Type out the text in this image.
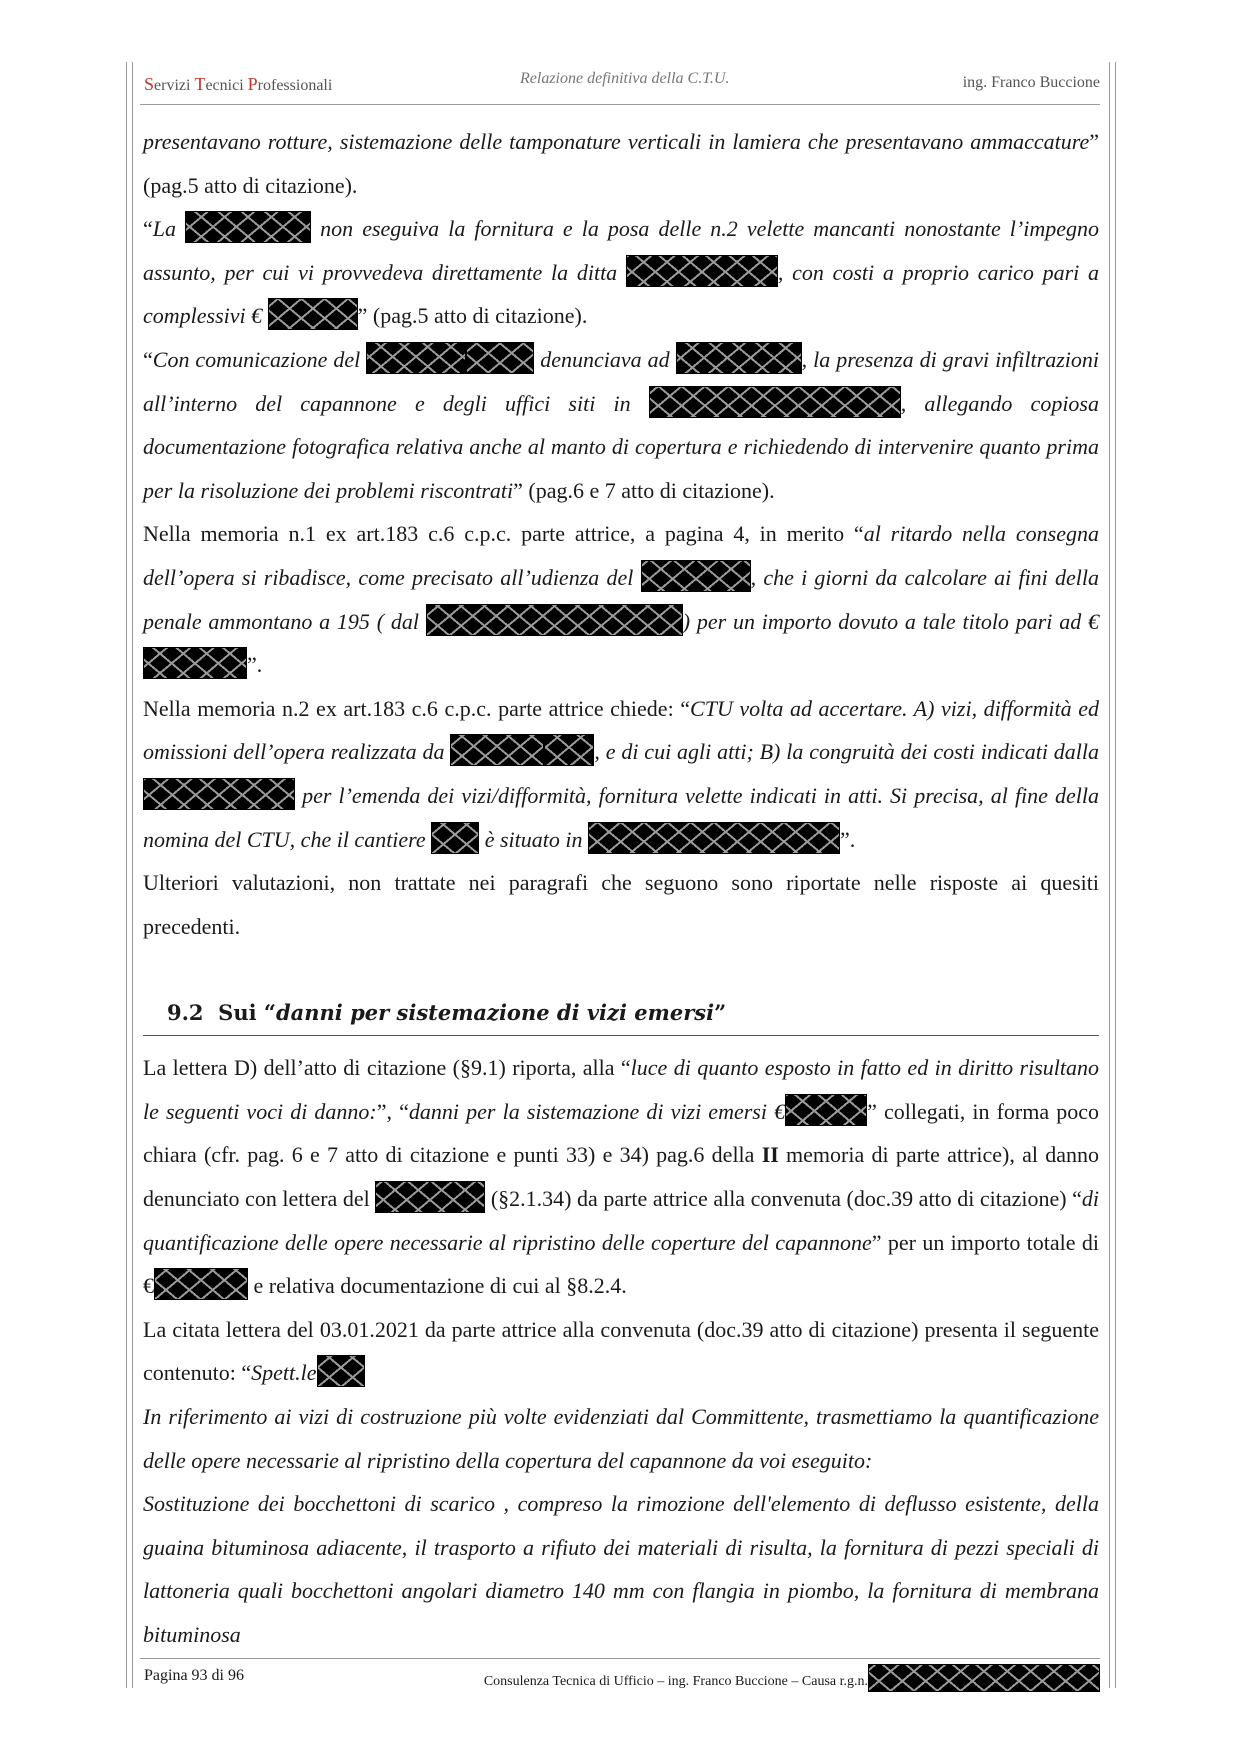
Servizi Tecnici Professionali	Relazione definitiva della C.T.U.	ing. Franco Buccione

presentavano rotture, sistemazione delle tamponature verticali in lamiera che presentavano ammaccature” (pag.5 atto di citazione).

“La	non eseguiva la fornitura e la posa delle n.2 velette mancanti nonostante l’impegno assunto, per cui vi provvedeva direttamente la ditta	, con costi a proprio carico pari a complessivi €	” (pag.5 atto di citazione).

“Con comunicazione del	denunciava ad	, la presenza di gravi infiltrazioni all’interno del capannone e degli uffici siti in	, allegando copiosa documentazione fotografica relativa anche al manto di copertura e richiedendo di intervenire quanto prima per la risoluzione dei problemi riscontrati” (pag.6 e 7 atto di citazione).

Nella memoria n.1 ex art.183 c.6 c.p.c. parte attrice, a pagina 4, in merito “al ritardo nella consegna dell’opera si ribadisce, come precisato all’udienza del	, che i giorni da calcolare ai fini della penale ammontano a 195 ( dal	) per un importo dovuto a tale titolo pari ad €”.

Nella memoria n.2 ex art.183 c.6 c.p.c. parte attrice chiede: “CTU volta ad accertare. A) vizi, difformità ed omissioni dell’opera realizzata da	, e di cui agli atti; B) la congruità dei costi indicati dalla  per l’emenda dei vizi/difformità, fornitura velette indicati in atti. Si precisa, al fine della nomina del CTU, che il cantiere	è situato in	”.

Ulteriori valutazioni, non trattate nei paragrafi che seguono sono riportate nelle risposte ai quesiti precedenti.

9.2 Sui “danni per sistemazione di vizi emersi”

La lettera D) dell’atto di citazione (§9.1) riporta, alla “luce di quanto esposto in fatto ed in diritto risultano le seguenti voci di danno:”, “danni per la sistemazione di vizi emersi €	” collegati, in forma poco chiara (cfr. pag. 6 e 7 atto di citazione e punti 33) e 34) pag.6 della II memoria di parte attrice), al danno denunciato con lettera del	(§2.1.34) da parte attrice alla convenuta (doc.39 atto di citazione) “di quantificazione delle opere necessarie al ripristino delle coperture del capannone” per un importo totale di €	e relativa documentazione di cui al §8.2.4.

La citata lettera del 03.01.2021 da parte attrice alla convenuta (doc.39 atto di citazione) presenta il seguente contenuto: “Spett.le

In riferimento ai vizi di costruzione più volte evidenziati dal Committente, trasmettiamo la quantificazione delle opere necessarie al ripristino della copertura del capannone da voi eseguito:

Sostituzione dei bocchettoni di scarico , compreso la rimozione dell'elemento di deflusso esistente, della guaina bituminosa adiacente, il trasporto a rifiuto dei materiali di risulta, la fornitura di pezzi speciali di lattoneria quali bocchettoni angolari diametro 140 mm con flangia in piombo, la fornitura di membrana bituminosa

Pagina 93 di 96	Consulenza Tecnica di Ufficio – ing. Franco Buccione – Causa r.g.n.
